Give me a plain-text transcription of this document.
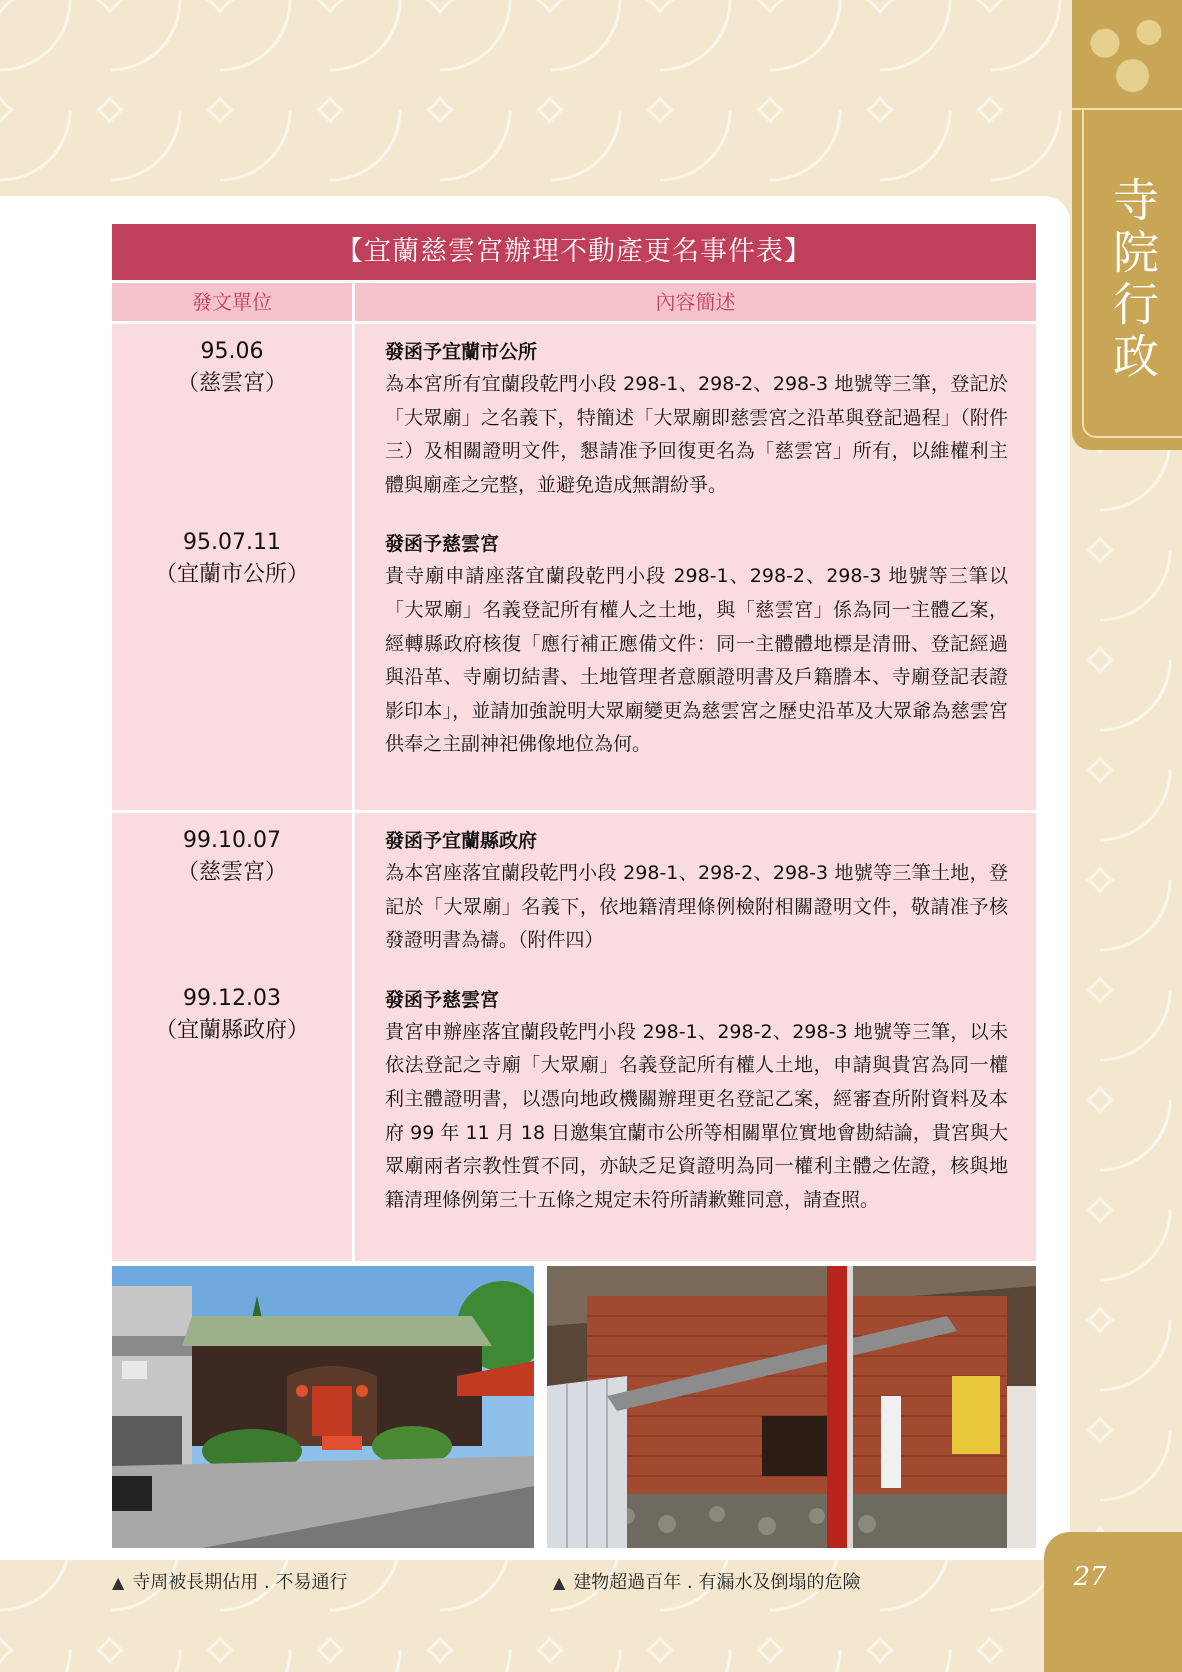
寺院行政
27
【宜蘭慈雲宮辦理不動產更名事件表】
發文單位	內容簡述
95.06
（慈雲宮）
95.07.11
（宜蘭市公所）
發函予宜蘭市公所
為本宮所有宜蘭段乾門小段 298-1、298-2、298-3 地號等三筆，登記於「大眾廟」之名義下，特簡述「大眾廟即慈雲宮之沿革與登記過程」（附件三）及相關證明文件，懇請准予回復更名為「慈雲宮」所有，以維權利主體與廟產之完整，並避免造成無謂紛爭。
發函予慈雲宮
貴寺廟申請座落宜蘭段乾門小段 298-1、298-2、298-3 地號等三筆以「大眾廟」名義登記所有權人之土地，與「慈雲宮」係為同一主體乙案，經轉縣政府核復「應行補正應備文件：同一主體體地標是清冊、登記經過與沿革、寺廟切結書、土地管理者意願證明書及戶籍謄本、寺廟登記表證影印本」，並請加強說明大眾廟變更為慈雲宮之歷史沿革及大眾爺為慈雲宮供奉之主副神祀佛像地位為何。
99.10.07
（慈雲宮）
99.12.03
（宜蘭縣政府）
發函予宜蘭縣政府
為本宮座落宜蘭段乾門小段 298-1、298-2、298-3 地號等三筆土地，登記於「大眾廟」名義下，依地籍清理條例檢附相關證明文件，敬請准予核發證明書為禱。（附件四）
發函予慈雲宮
貴宮申辦座落宜蘭段乾門小段 298-1、298-2、298-3 地號等三筆，以未依法登記之寺廟「大眾廟」名義登記所有權人土地，申請與貴宮為同一權利主體證明書，以憑向地政機關辦理更名登記乙案，經審查所附資料及本府 99 年 11 月 18 日邀集宜蘭市公所等相關單位實地會勘結論，貴宮與大眾廟兩者宗教性質不同，亦缺乏足資證明為同一權利主體之佐證，核與地籍清理條例第三十五條之規定未符所請歉難同意，請查照。
▲ 寺周被長期佔用 . 不易通行	▲ 建物超過百年 . 有漏水及倒塌的危險
